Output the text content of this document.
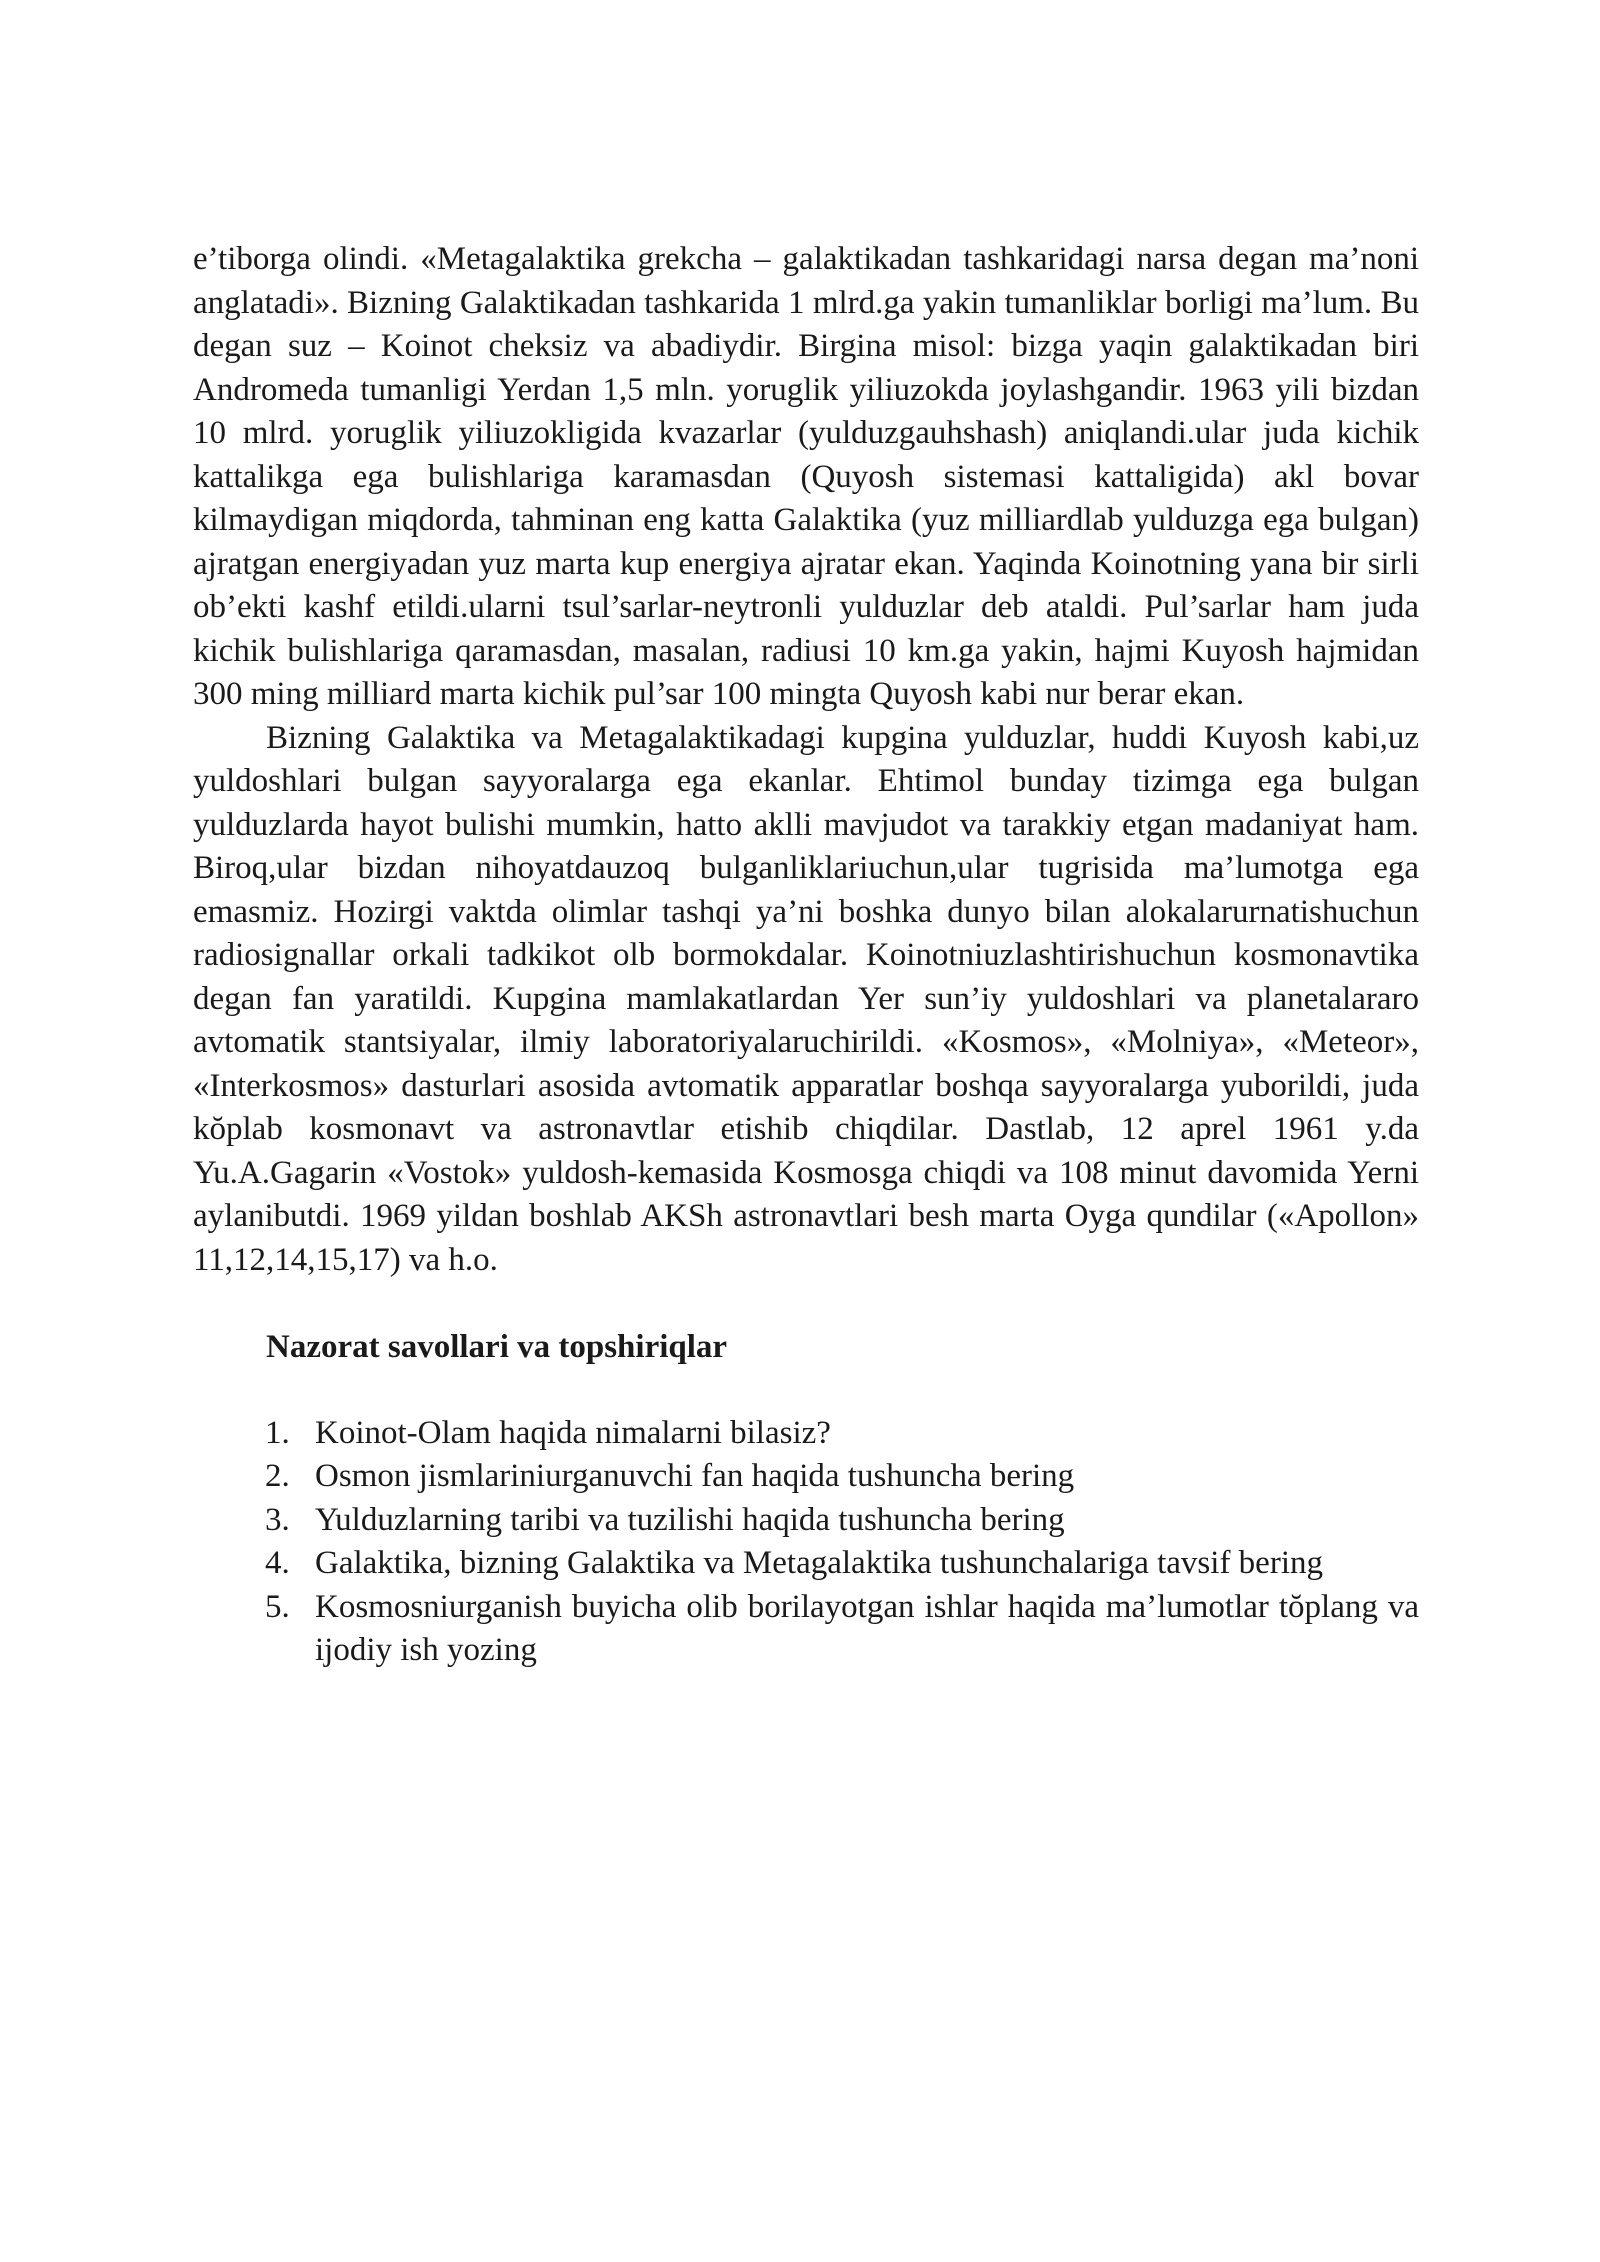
e’tiborga olindi. «Metagalaktika grekcha – galaktikadan tashkaridagi narsa degan ma’noni anglatadi». Bizning Galaktikadan tashkarida 1 mlrd.ga yakin tumanliklar borligi ma’lum. Bu degan suz – Koinot cheksiz va abadiydir. Birgina misol: bizga yaqin galaktikadan biri Andromeda tumanligi Yerdan 1,5 mln. yoruglik yiliuzokda joylashgandir. 1963 yili bizdan 10 mlrd. yoruglik yiliuzokligida kvazarlar (yulduzgauhshash) aniqlandi.ular juda kichik kattalikga ega bulishlariga karamasdan (Quyosh sistemasi kattaligida) akl bovar kilmaydigan miqdorda, tahminan eng katta Galaktika (yuz milliardlab yulduzga ega bulgan) ajratgan energiyadan yuz marta kup energiya ajratar ekan. Yaqinda Koinotning yana bir sirli ob’ekti kashf etildi.ularni tsul’sarlar-neytronli yulduzlar deb ataldi. Pul’sarlar ham juda kichik bulishlariga qaramasdan, masalan, radiusi 10 km.ga yakin, hajmi Kuyosh hajmidan 300 ming milliard marta kichik pul’sar 100 mingta Quyosh kabi nur berar ekan.

Bizning Galaktika va Metagalaktikadagi kupgina yulduzlar, huddi Kuyosh kabi,uz yuldoshlari bulgan sayyoralarga ega ekanlar. Ehtimol bunday tizimga ega bulgan yulduzlarda hayot bulishi mumkin, hatto aklli mavjudot va tarakkiy etgan madaniyat ham. Biroq,ular bizdan nihoyatdauzoq bulganliklariuchun,ular tugrisida ma’lumotga ega emasmiz. Hozirgi vaktda olimlar tashqi ya’ni boshka dunyo bilan alokalarurnatishuchun radiosignallar orkali tadkikot olb bormokdalar. Koinotniuzlashtirishuchun kosmonavtika degan fan yaratildi. Kupgina mamlakatlardan Yer sun’iy yuldoshlari va planetalararo avtomatik stantsiyalar, ilmiy laboratoriyalaruchirildi. «Kosmos», «Molniya», «Meteor», «Interkosmos» dasturlari asosida avtomatik apparatlar boshqa sayyoralarga yuborildi, juda kŏplab kosmonavt va astronavtlar etishib chiqdilar. Dastlab, 12 aprel 1961 y.da Yu.A.Gagarin «Vostok» yuldosh-kemasida Kosmosga chiqdi va 108 minut davomida Yerni aylanibutdi. 1969 yildan boshlab AKSh astronavtlari besh marta Oyga qundilar («Apollon» 11,12,14,15,17) va h.o.

Nazorat savollari va topshiriqlar
1. Koinot-Olam haqida nimalarni bilasiz?
2. Osmon jismlariniurganuvchi fan haqida tushuncha bering
3. Yulduzlarning taribi va tuzilishi haqida tushuncha bering
4. Galaktika, bizning Galaktika va Metagalaktika tushunchalariga tavsif bering
5. Kosmosniurganish buyicha olib borilayotgan ishlar haqida ma’lumotlar tŏplang va ijodiy ish yozing
